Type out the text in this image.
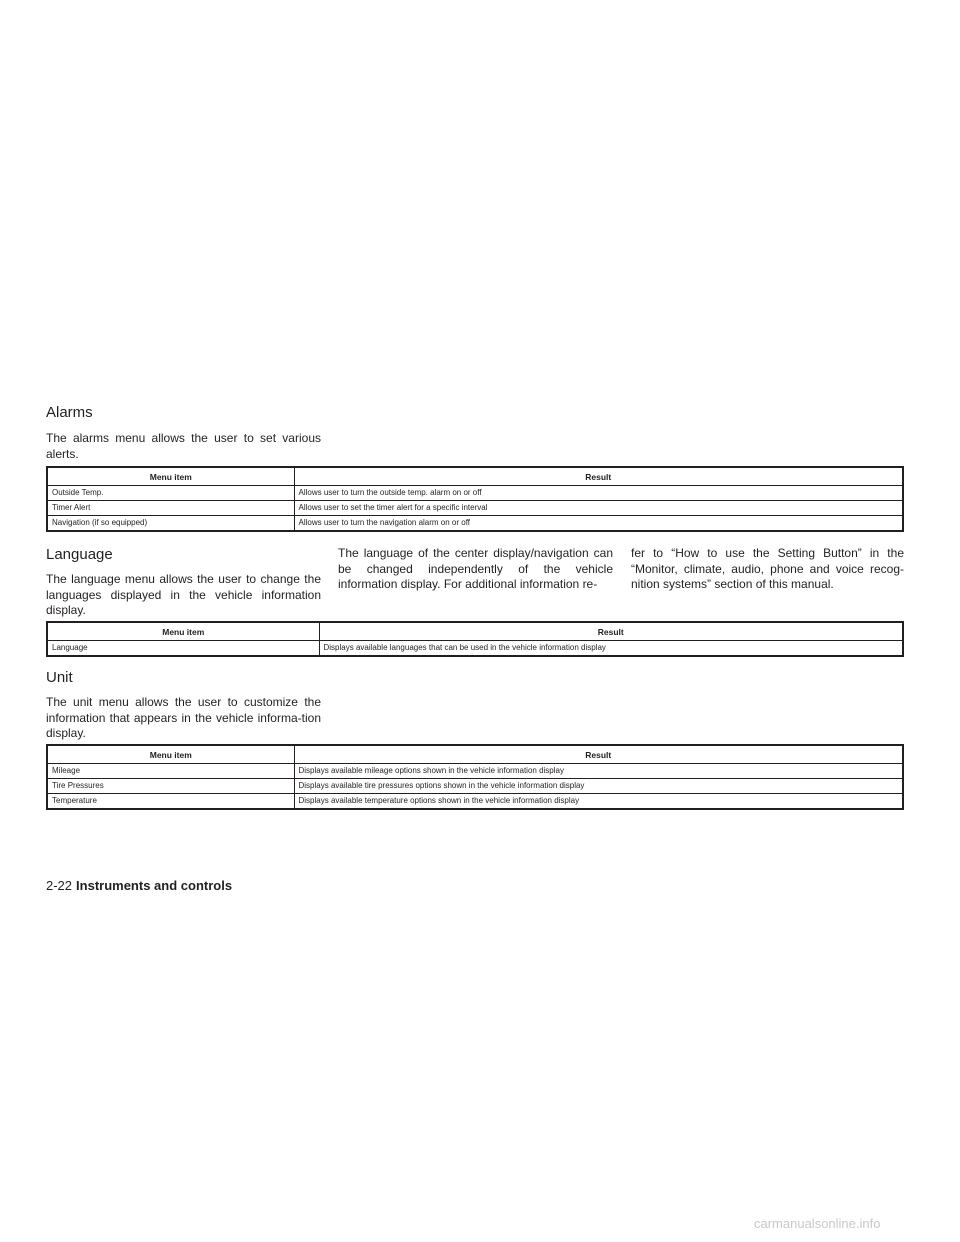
Alarms

The alarms menu allows the user to set various alerts.

Menu item	Result
Outside Temp.	Allows user to turn the outside temp. alarm on or off
Timer Alert	Allows user to set the timer alert for a specific interval
Navigation (if so equipped)	Allows user to turn the navigation alarm on or off
Language

The language menu allows the user to change the languages displayed in the vehicle information display.

The language of the center display/navigation can be changed independently of the vehicle information display. For additional information re-

fer to “How to use the Setting Button” in the “Monitor, climate, audio, phone and voice recog-nition systems” section of this manual.

Menu item	Result
Language	Displays available languages that can be used in the vehicle information display
Unit

The unit menu allows the user to customize the information that appears in the vehicle informa-tion display.

Menu item	Result
Mileage	Displays available mileage options shown in the vehicle information display
Tire Pressures	Displays available tire pressures options shown in the vehicle information display
Temperature	Displays available temperature options shown in the vehicle information display
2-22 Instruments and controls
carmanualsonline.info
